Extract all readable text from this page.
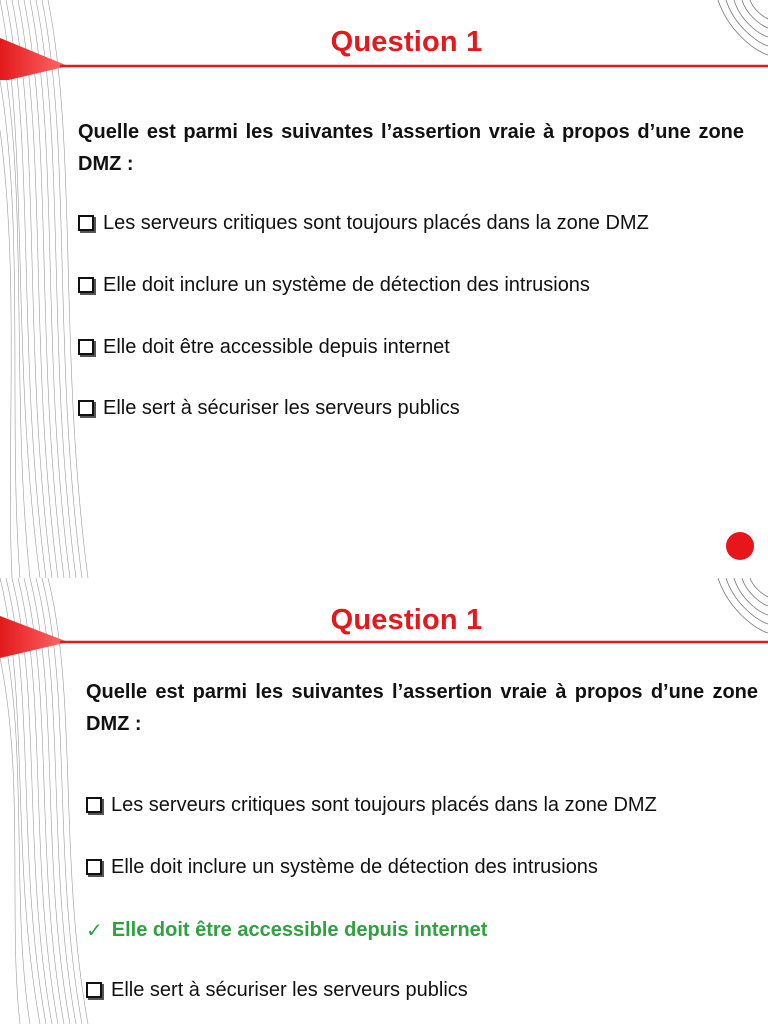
Question 1
Quelle est parmi les suivantes l’assertion vraie à propos d’une zone DMZ :
Les serveurs critiques sont toujours placés dans la zone DMZ
Elle doit inclure un système de détection des intrusions
Elle doit être accessible depuis internet
Elle sert à sécuriser les serveurs publics
Question 1
Quelle est parmi les suivantes l’assertion vraie à propos d’une zone DMZ :
Les serveurs critiques sont toujours placés dans la zone DMZ
Elle doit inclure un système de détection des intrusions
✓ Elle doit être accessible depuis internet
Elle sert à sécuriser les serveurs publics
